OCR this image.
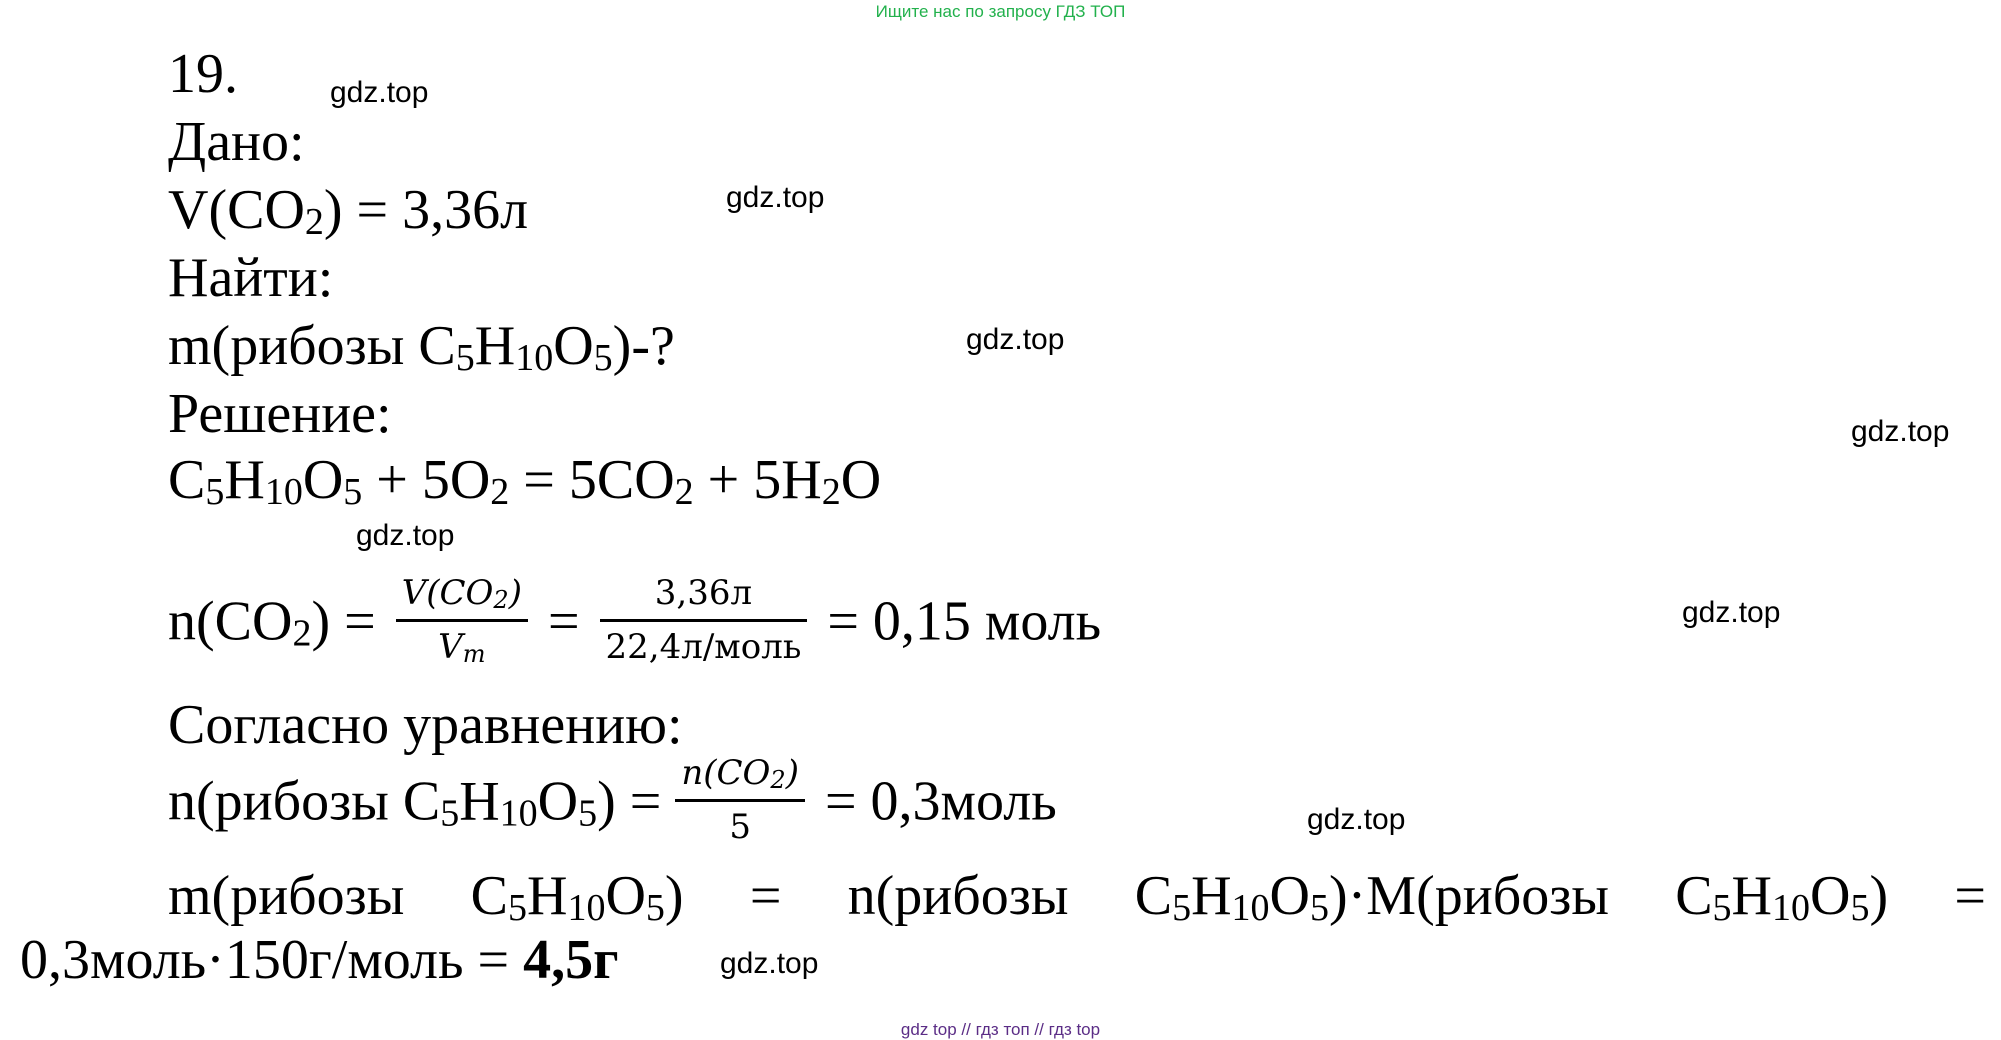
Ищите нас по запросу ГДЗ ТОП
gdz.top
gdz.top
gdz.top
gdz.top
gdz.top
gdz.top
gdz.top
gdz.top
19.
Дано:
$V(CO_2) = 3,36л$
Найти:
m(рибозы $C_5H_{10}O_5)-$?
Решение:
$C_5H_{10}O_5 + 5O_2 = 5CO_2 + 5H_2O$
$n(CO_2) = \frac{V(CO_2)}{V_m} = \frac{3,36л}{\text{22,4л/моль}} = 0,15$ моль
Согласно уравнению:
n(рибозы $C_5H_{10}O_5) = \frac{n(CO_2)}{5}$ = 0,3моль
m(рибозы $C_5H_{10}O_5$) = n(рибозы $C_5H_{10}O_5)\cdot M(рибозы$ $C_5H_{10}O_5$) =
0,3моль·150г/моль = 4,5г
gdz top // гдз топ // гдз top
